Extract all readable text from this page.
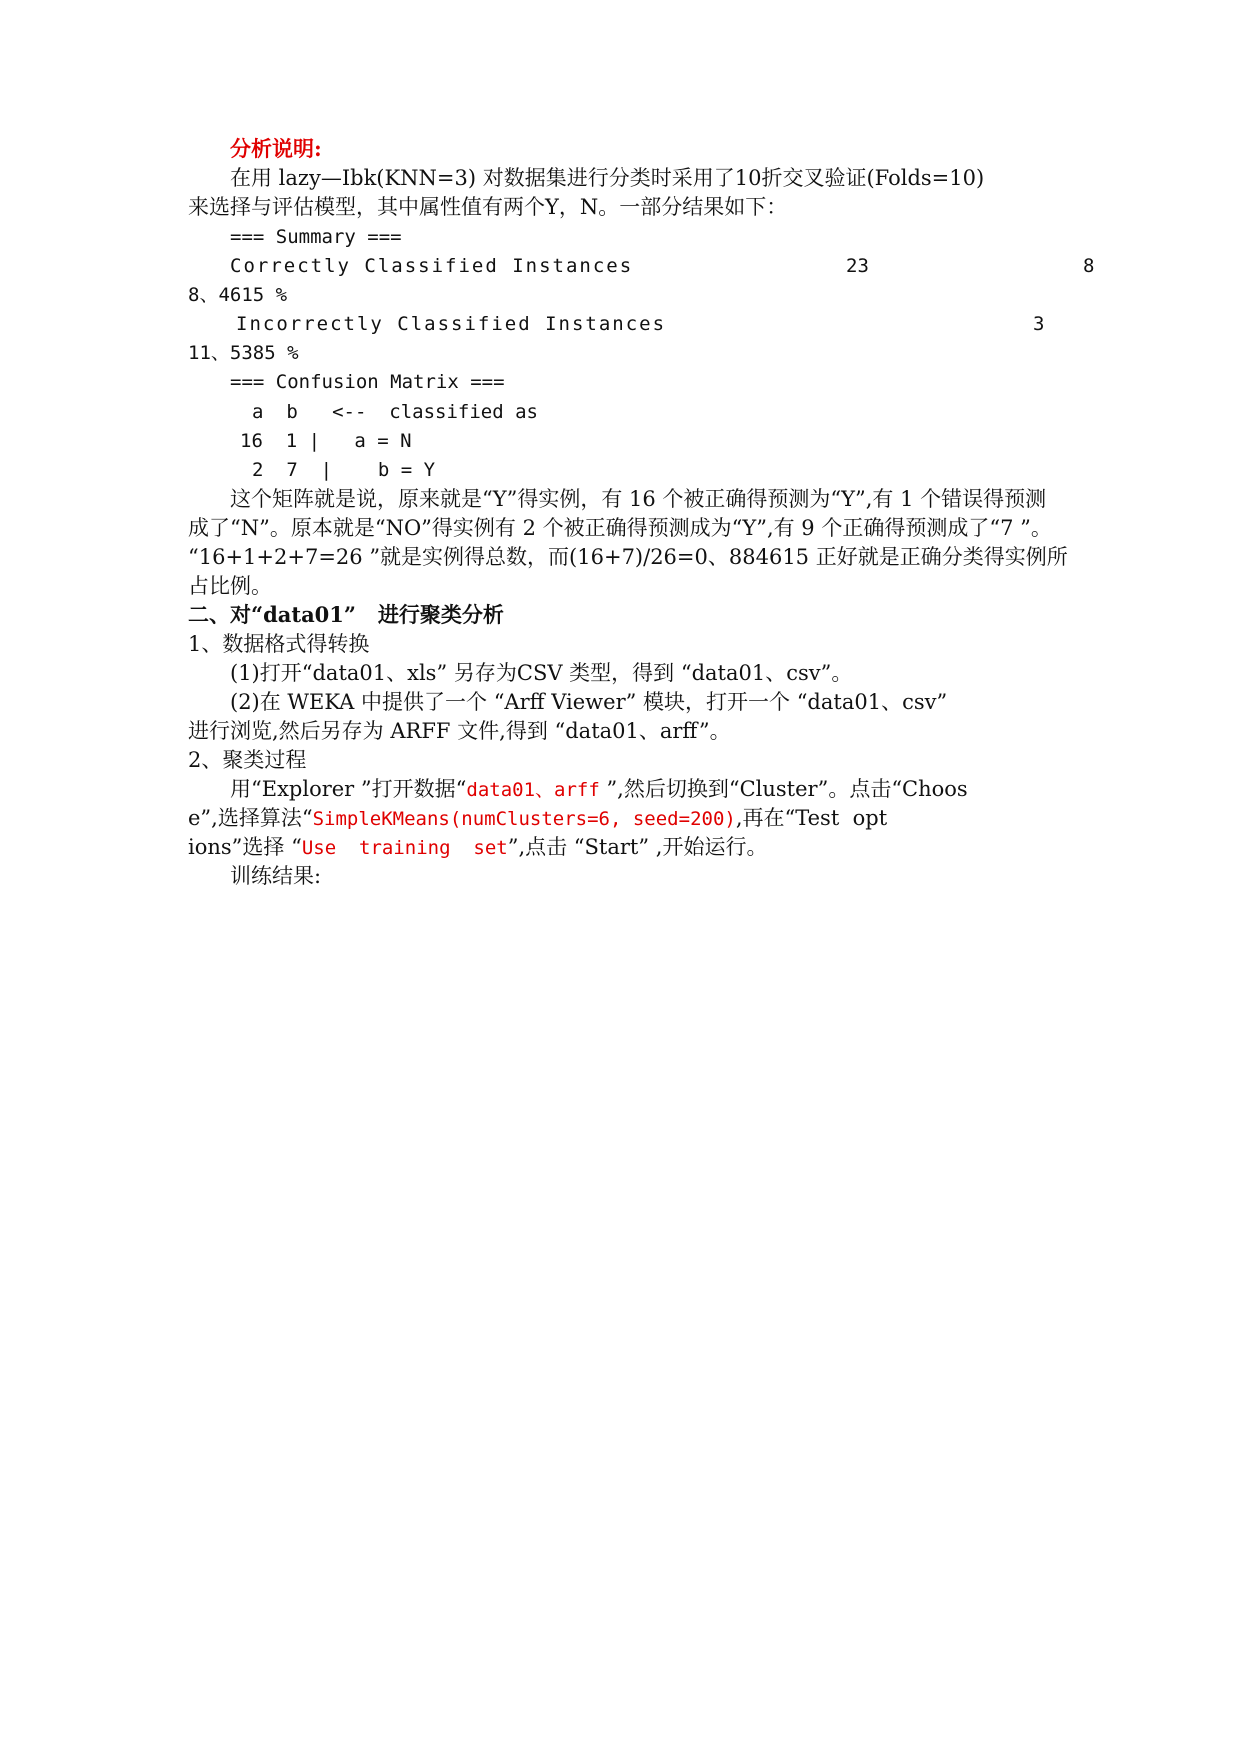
分析说明:
在用 lazy—Ibk(KNN=3) 对数据集进行分类时采用了10折交叉验证(Folds=10)
来选择与评估模型，其中属性值有两个Y，N。一部分结果如下：
=== Summary ===
Correctly Classified Instances	23	8
8、4615 %
Incorrectly Classified Instances	3
11、5385 %
=== Confusion Matrix ===
a  b   <--  classified as
16  1 |   a = N
2  7  |    b = Y
这个矩阵就是说，原来就是“Y”得实例，有 16 个被正确得预测为“Y”,有 1 个错误得预测
成了“N”。原本就是“NO”得实例有 2 个被正确得预测成为“Y”,有 9 个正确得预测成了“7 ”。
“16+1+2+7=26 ”就是实例得总数，而(16+7)/26=0、884615 正好就是正确分类得实例所
占比例。
二、对“data01”   进行聚类分析
1、数据格式得转换
(1)打开“data01、xls” 另存为CSV 类型，得到 “data01、csv”。
(2)在 WEKA 中提供了一个 “Arff Viewer” 模块，打开一个 “data01、csv”
进行浏览,然后另存为 ARFF 文件,得到 “data01、arff”。
2、聚类过程
用“Explorer ”打开数据“data01、arff ”,然后切换到“Cluster”。点击“Choos
e”,选择算法“SimpleKMeans(numClusters=6, seed=200),再在“Test  opt
ions”选择 “Use  training  set”,点击 “Start” ,开始运行。
训练结果:
